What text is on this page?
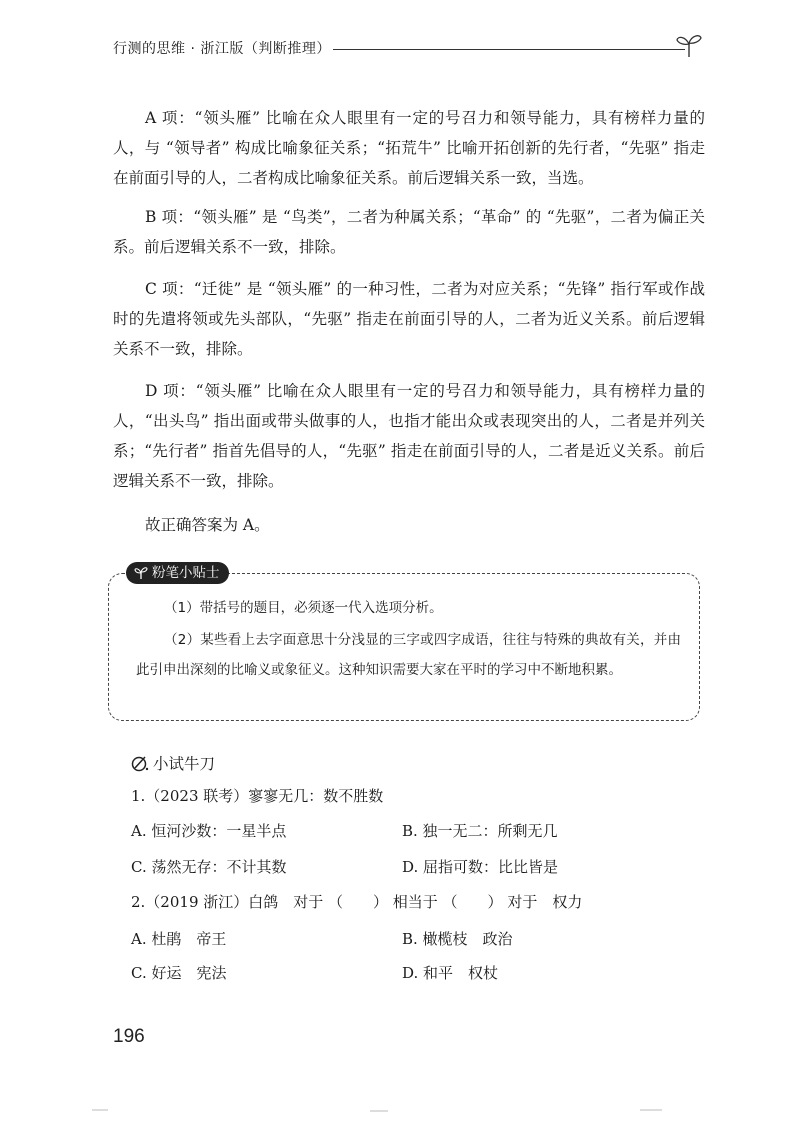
行测的思维 · 浙江版（判断推理）

A 项：“领头雁” 比喻在众人眼里有一定的号召力和领导能力，具有榜样力量的人，与 “领导者” 构成比喻象征关系；“拓荒牛” 比喻开拓创新的先行者，“先驱” 指走在前面引导的人，二者构成比喻象征关系。前后逻辑关系一致，当选。

B 项：“领头雁” 是 “鸟类”，二者为种属关系；“革命” 的 “先驱”，二者为偏正关系。前后逻辑关系不一致，排除。

C 项：“迁徙” 是 “领头雁” 的一种习性，二者为对应关系；“先锋” 指行军或作战时的先遣将领或先头部队，“先驱” 指走在前面引导的人，二者为近义关系。前后逻辑关系不一致，排除。

D 项：“领头雁” 比喻在众人眼里有一定的号召力和领导能力，具有榜样力量的人，“出头鸟” 指出面或带头做事的人，也指才能出众或表现突出的人，二者是并列关系；“先行者” 指首先倡导的人，“先驱” 指走在前面引导的人，二者是近义关系。前后逻辑关系不一致，排除。

故正确答案为 A。

粉笔小贴士

（1）带括号的题目，必须逐一代入选项分析。

（2）某些看上去字面意思十分浅显的三字或四字成语，往往与特殊的典故有关，并由此引申出深刻的比喻义或象征义。这种知识需要大家在平时的学习中不断地积累。

小试牛刀
1.（2023 联考）寥寥无几：数不胜数
A. 恒河沙数：一星半点	B. 独一无二：所剩无几
C. 荡然无存：不计其数	D. 屈指可数：比比皆是
2.（2019 浙江）白鸽　对于 （　　） 相当于 （　　） 对于　权力
A. 杜鹃　帝王	B. 橄榄枝　政治
C. 好运　宪法	D. 和平　权杖
196
